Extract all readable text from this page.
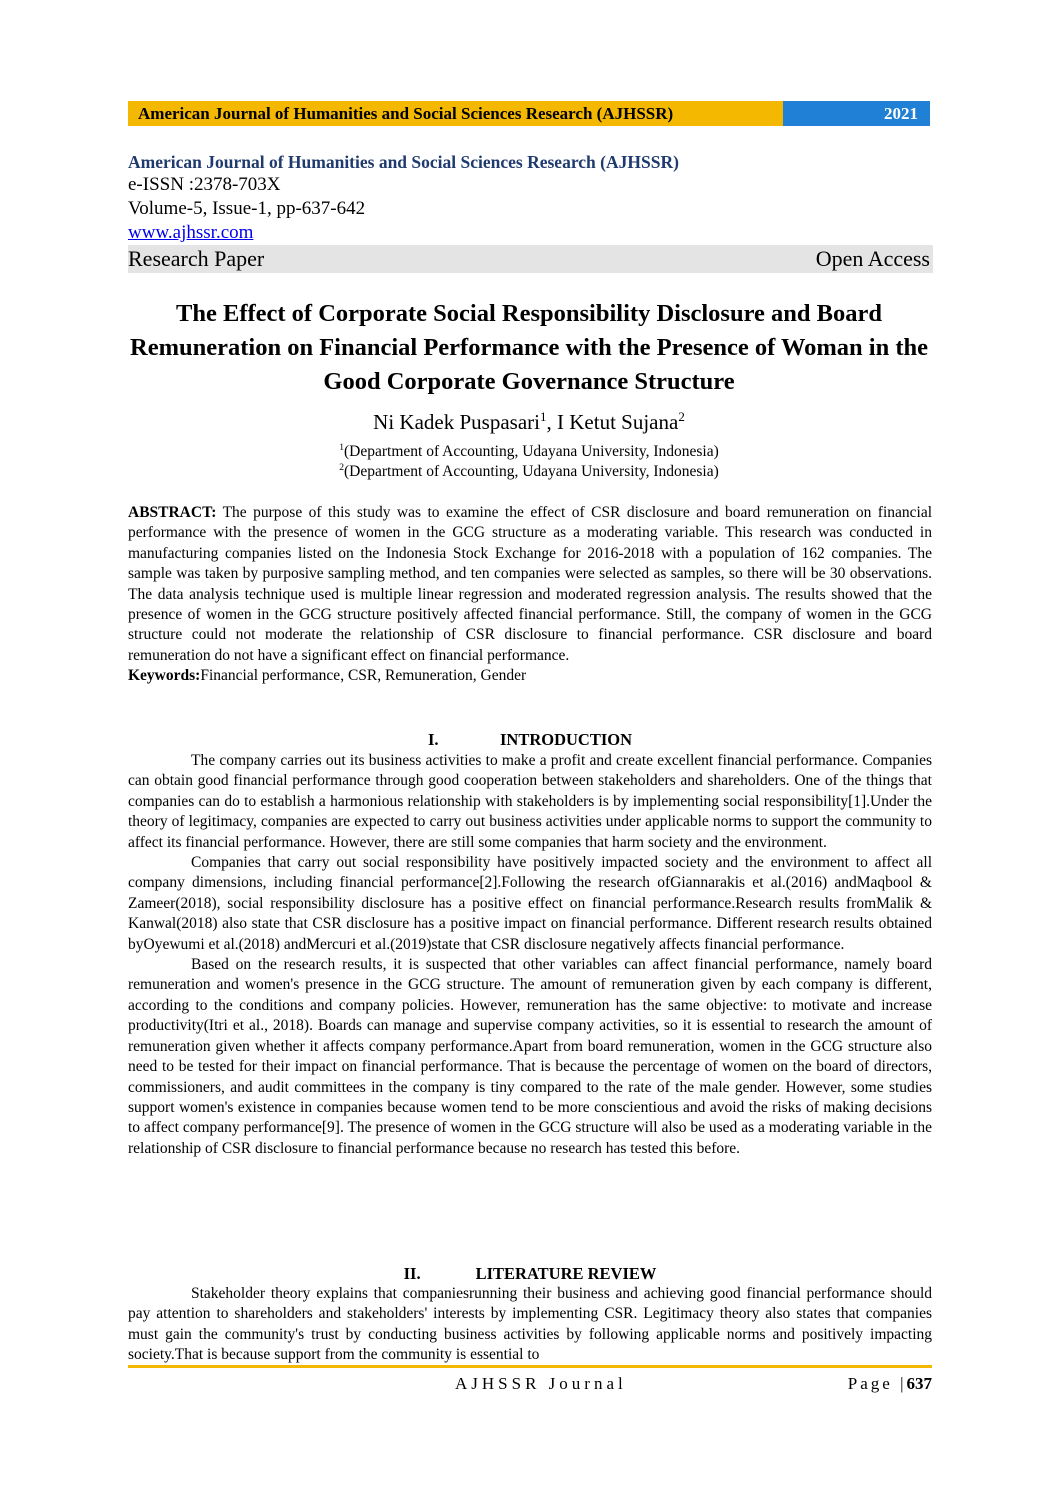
American Journal of Humanities and Social Sciences Research (AJHSSR)	2021
American Journal of Humanities and Social Sciences Research (AJHSSR)
e-ISSN :2378-703X
Volume-5, Issue-1, pp-637-642
www.ajhssr.com
Research Paper	Open Access
The Effect of Corporate Social Responsibility Disclosure and Board Remuneration on Financial Performance with the Presence of Woman in the Good Corporate Governance Structure
Ni Kadek Puspasari$^1$, I Ketut Sujana$^2$
$^1$(Department of Accounting, Udayana University, Indonesia)
$^2$(Department of Accounting, Udayana University, Indonesia)

ABSTRACT: The purpose of this study was to examine the effect of CSR disclosure and board remuneration on financial performance with the presence of women in the GCG structure as a moderating variable. This research was conducted in manufacturing companies listed on the Indonesia Stock Exchange for 2016-2018 with a population of 162 companies. The sample was taken by purposive sampling method, and ten companies were selected as samples, so there will be 30 observations. The data analysis technique used is multiple linear regression and moderated regression analysis. The results showed that the presence of women in the GCG structure positively affected financial performance. Still, the company of women in the GCG structure could not moderate the relationship of CSR disclosure to financial performance. CSR disclosure and board remuneration do not have a significant effect on financial performance.

Keywords:Financial performance, CSR, Remuneration, Gender

I.	INTRODUCTION

The company carries out its business activities to make a profit and create excellent financial performance. Companies can obtain good financial performance through good cooperation between stakeholders and shareholders. One of the things that companies can do to establish a harmonious relationship with stakeholders is by implementing social responsibility[1].Under the theory of legitimacy, companies are expected to carry out business activities under applicable norms to support the community to affect its financial performance. However, there are still some companies that harm society and the environment.

Companies that carry out social responsibility have positively impacted society and the environment to affect all company dimensions, including financial performance[2].Following the research ofGiannarakis et al.(2016) andMaqbool & Zameer(2018), social responsibility disclosure has a positive effect on financial performance.Research results fromMalik & Kanwal(2018) also state that CSR disclosure has a positive impact on financial performance. Different research results obtained byOyewumi et al.(2018) andMercuri et al.(2019)state that CSR disclosure negatively affects financial performance.

Based on the research results, it is suspected that other variables can affect financial performance, namely board remuneration and women's presence in the GCG structure. The amount of remuneration given by each company is different, according to the conditions and company policies. However, remuneration has the same objective: to motivate and increase productivity(Itri et al., 2018). Boards can manage and supervise company activities, so it is essential to research the amount of remuneration given whether it affects company performance.Apart from board remuneration, women in the GCG structure also need to be tested for their impact on financial performance. That is because the percentage of women on the board of directors, commissioners, and audit committees in the company is tiny compared to the rate of the male gender. However, some studies support women's existence in companies because women tend to be more conscientious and avoid the risks of making decisions to affect company performance[9]. The presence of women in the GCG structure will also be used as a moderating variable in the relationship of CSR disclosure to financial performance because no research has tested this before.

II.	LITERATURE REVIEW

Stakeholder theory explains that companiesrunning their business and achieving good financial performance should pay attention to shareholders and stakeholders' interests by implementing CSR. Legitimacy theory also states that companies must gain the community's trust by conducting business activities by following applicable norms and positively impacting society.That is because support from the community is essential to

AJHSSR Journal	Page |637
